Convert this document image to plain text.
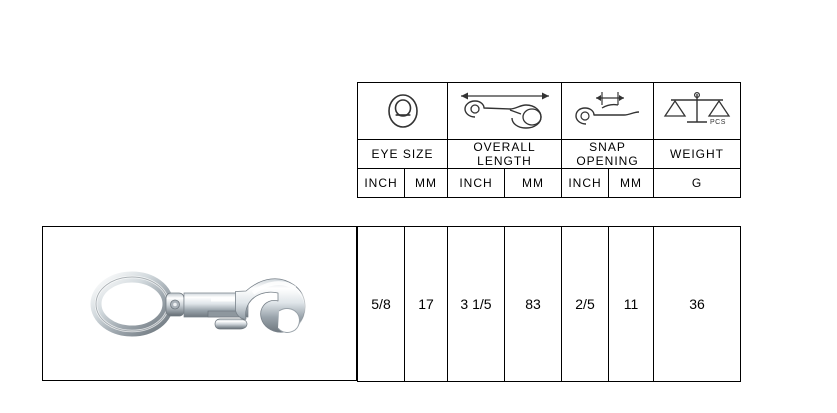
PCS

EYE SIZE		OVERALL LENGTH		SNAP OPENING		WEIGHT
INCH	MM	INCH	MM	INCH	MM	G
5/8	17	3 1/5	83	2/5	11	36
